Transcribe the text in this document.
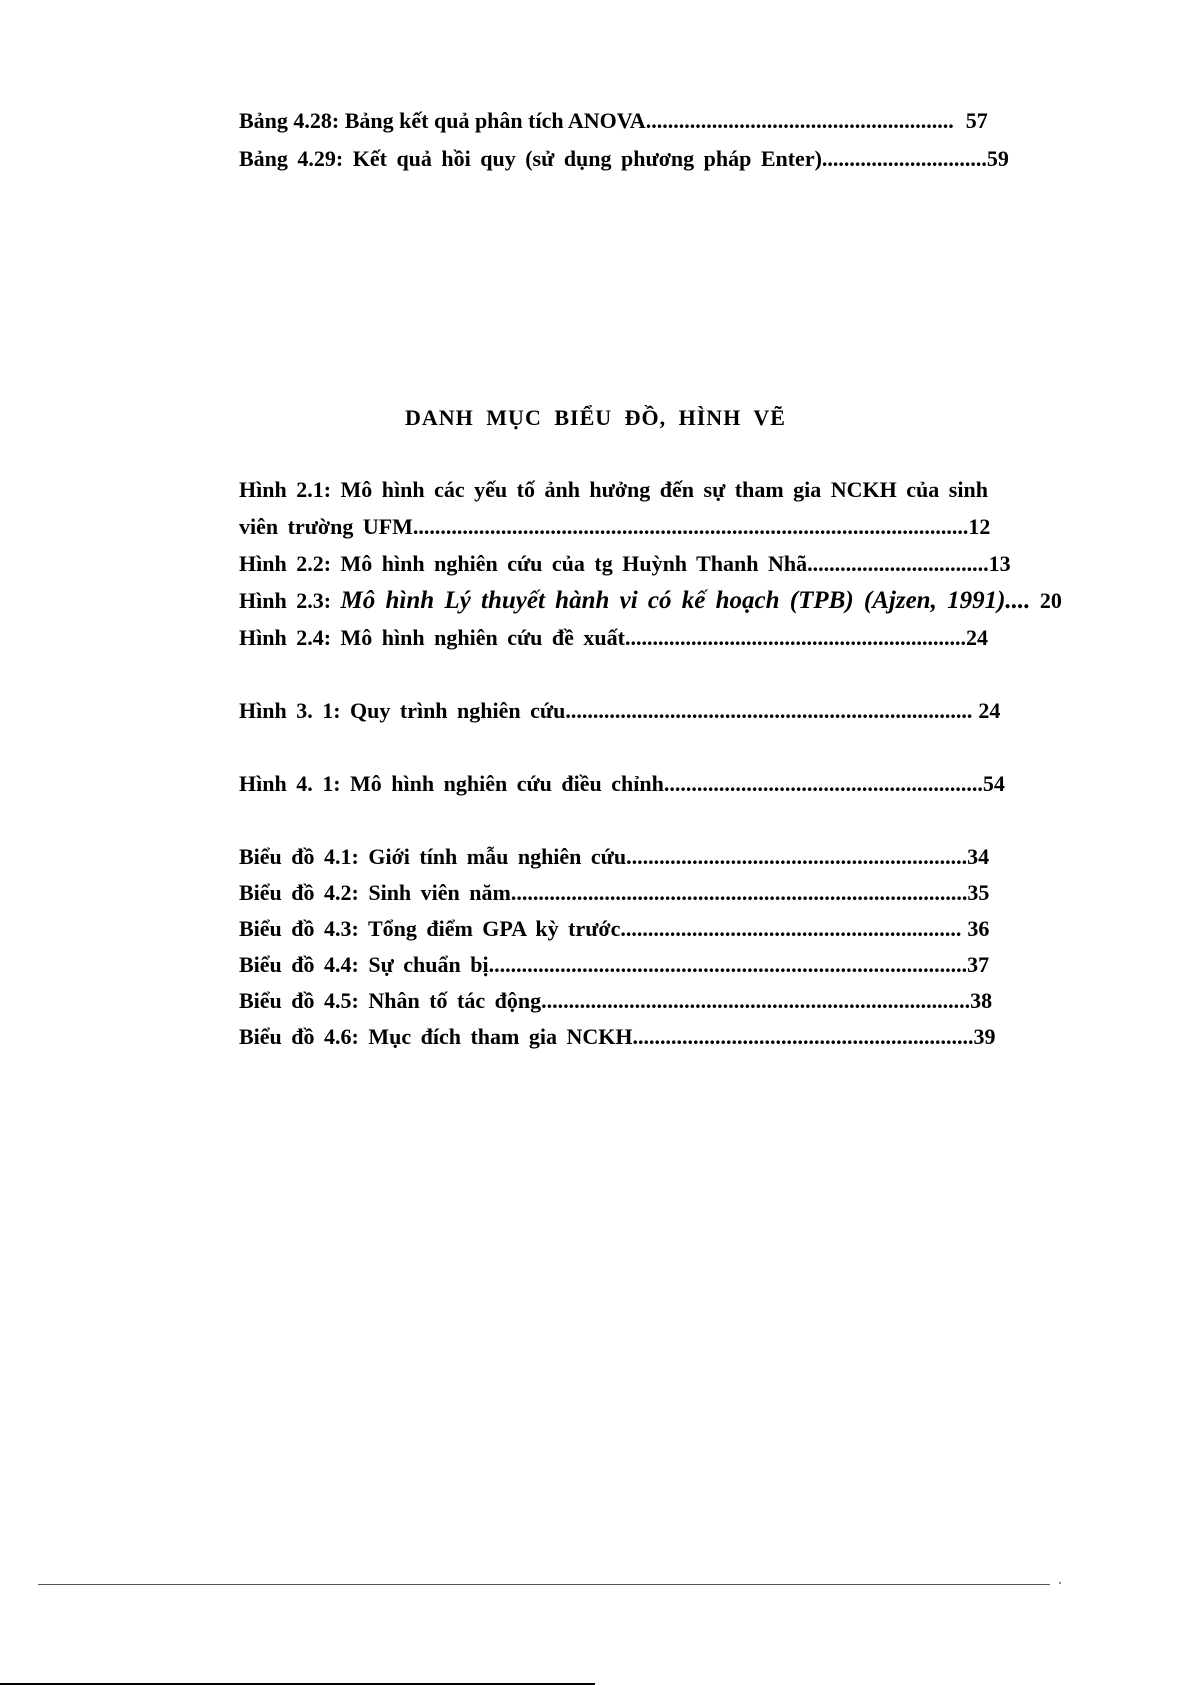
Bảng 4.28: Bảng kết quả phân tích ANOVA........................................................ 57
Bảng 4.29: Kết quả hồi quy (sử dụng phương pháp Enter)..............................59
DANH MỤC BIỂU ĐỒ, HÌNH VẼ
Hình 2.1: Mô hình các yếu tố ảnh hưởng đến sự tham gia NCKH của sinh
viên trường UFM.....................................................................................................12
Hình 2.2: Mô hình nghiên cứu của tg Huỳnh Thanh Nhã.................................13
Hình 2.3: Mô hình Lý thuyết hành vi có kế hoạch (TPB) (Ajzen, 1991).... 20
Hình 2.4: Mô hình nghiên cứu đề xuất..............................................................24
Hình 3. 1: Quy trình nghiên cứu.......................................................................... 24
Hình 4. 1: Mô hình nghiên cứu điều chỉnh..........................................................54
Biểu đồ 4.1: Giới tính mẫu nghiên cứu..............................................................34
Biểu đồ 4.2: Sinh viên năm...................................................................................35
Biểu đồ 4.3: Tổng điểm GPA kỳ trước.............................................................. 36
Biểu đồ 4.4: Sự chuẩn bị.......................................................................................37
Biểu đồ 4.5: Nhân tố tác động..............................................................................38
Biểu đồ 4.6: Mục đích tham gia NCKH..............................................................39
